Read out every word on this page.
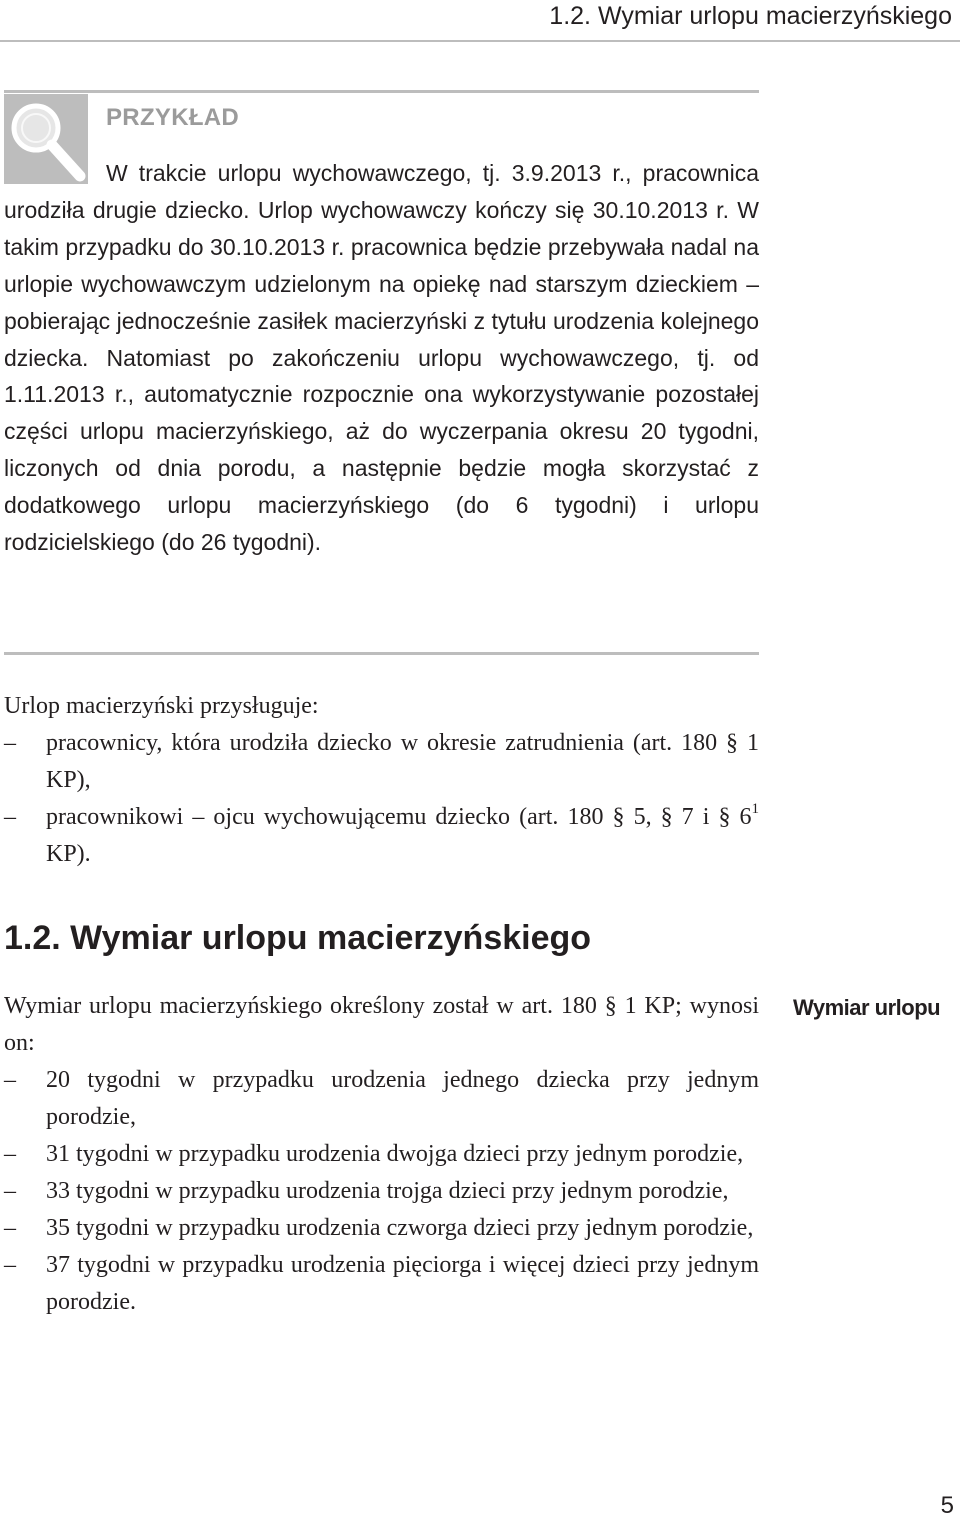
1.2. Wymiar urlopu macierzyńskiego
PRZYKŁAD

W trakcie urlopu wychowawczego, tj. 3.9.2013 r., pracownica urodziła drugie dziecko. Urlop wychowawczy kończy się 30.10.2013 r. W takim przypadku do 30.10.2013 r. pracownica będzie przebywała nadal na urlopie wychowawczym udzielonym na opiekę nad starszym dzieckiem – pobierając jednocześnie zasiłek macierzyński z tytułu urodzenia kolejnego dziecka. Natomiast po zakończeniu urlopu wychowawczego, tj. od 1.11.2013 r., automatycznie rozpocznie ona wykorzystywanie pozostałej części urlopu macierzyńskiego, aż do wyczerpania okresu 20 tygodni, liczonych od dnia porodu, a następnie będzie mogła skorzystać z dodatkowego urlopu macierzyńskiego (do 6 tygodni) i urlopu rodzicielskiego (do 26 tygodni).

Urlop macierzyński przysługuje:

– pracownicy, która urodziła dziecko w okresie zatrudnienia (art. 180 § 1 KP),
– pracownikowi – ojcu wychowującemu dziecko (art. 180 § 5, § 7 i § $6^1$ KP).
1.2. Wymiar urlopu macierzyńskiego
Wymiar urlopu

Wymiar urlopu macierzyńskiego określony został w art. 180 § 1 KP; wynosi on:

– 20 tygodni w przypadku urodzenia jednego dziecka przy jednym porodzie,
– 31 tygodni w przypadku urodzenia dwojga dzieci przy jednym porodzie,
– 33 tygodni w przypadku urodzenia trojga dzieci przy jednym porodzie,
– 35 tygodni w przypadku urodzenia czworga dzieci przy jednym porodzie,
– 37 tygodni w przypadku urodzenia pięciorga i więcej dzieci przy jednym porodzie.
5
